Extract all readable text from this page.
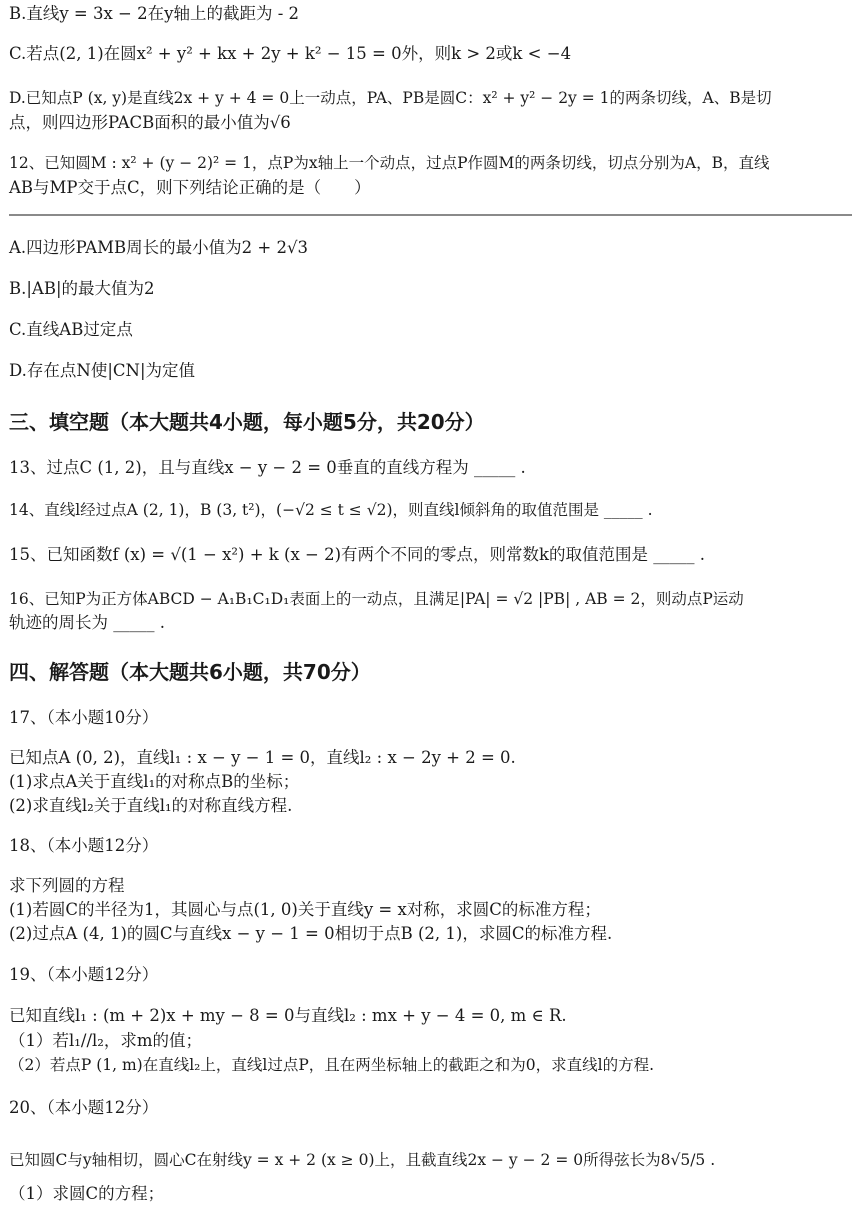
B.直线y = 3x − 2在y轴上的截距为 - 2
C.若点(2, 1)在圆x² + y² + kx + 2y + k² − 15 = 0外，则k > 2或k < −4
D.已知点P (x, y)是直线2x + y + 4 = 0上一动点，PA、PB是圆C：x² + y² − 2y = 1的两条切线，A、B是切
点，则四边形PACB面积的最小值为√6
12、已知圆M : x² + (y − 2)² = 1，点P为x轴上一个动点，过点P作圆M的两条切线，切点分别为A，B，直线
AB与MP交于点C，则下列结论正确的是（　　）
A.四边形PAMB周长的最小值为2 + 2√3
B.|AB|的最大值为2
C.直线AB过定点
D.存在点N使|CN|为定值
三、填空题（本大题共4小题，每小题5分，共20分）
13、过点C (1, 2)，且与直线x − y − 2 = 0垂直的直线方程为 _____ .
14、直线l经过点A (2, 1)，B (3, t²)，(−√2 ≤ t ≤ √2)，则直线l倾斜角的取值范围是 _____ .
15、已知函数f (x) = √(1 − x²) + k (x − 2)有两个不同的零点，则常数k的取值范围是 _____ .
16、已知P为正方体ABCD − A₁B₁C₁D₁表面上的一动点，且满足|PA| = √2 |PB| , AB = 2，则动点P运动
轨迹的周长为 _____ .
四、解答题（本大题共6小题，共70分）
17、（本小题10分）
已知点A (0, 2)，直线l₁ : x − y − 1 = 0，直线l₂ : x − 2y + 2 = 0.
(1)求点A关于直线l₁的对称点B的坐标；
(2)求直线l₂关于直线l₁的对称直线方程.
18、（本小题12分）
求下列圆的方程
(1)若圆C的半径为1，其圆心与点(1, 0)关于直线y = x对称，求圆C的标准方程；
(2)过点A (4, 1)的圆C与直线x − y − 1 = 0相切于点B (2, 1)，求圆C的标准方程.
19、（本小题12分）
已知直线l₁ : (m + 2)x + my − 8 = 0与直线l₂ : mx + y − 4 = 0, m ∈ R.
（1）若l₁//l₂，求m的值；
（2）若点P (1, m)在直线l₂上，直线l过点P，且在两坐标轴上的截距之和为0，求直线l的方程.
20、（本小题12分）
已知圆C与y轴相切，圆心C在射线y = x + 2 (x ≥ 0)上，且截直线2x − y − 2 = 0所得弦长为8√5/5 .
（1）求圆C的方程；
